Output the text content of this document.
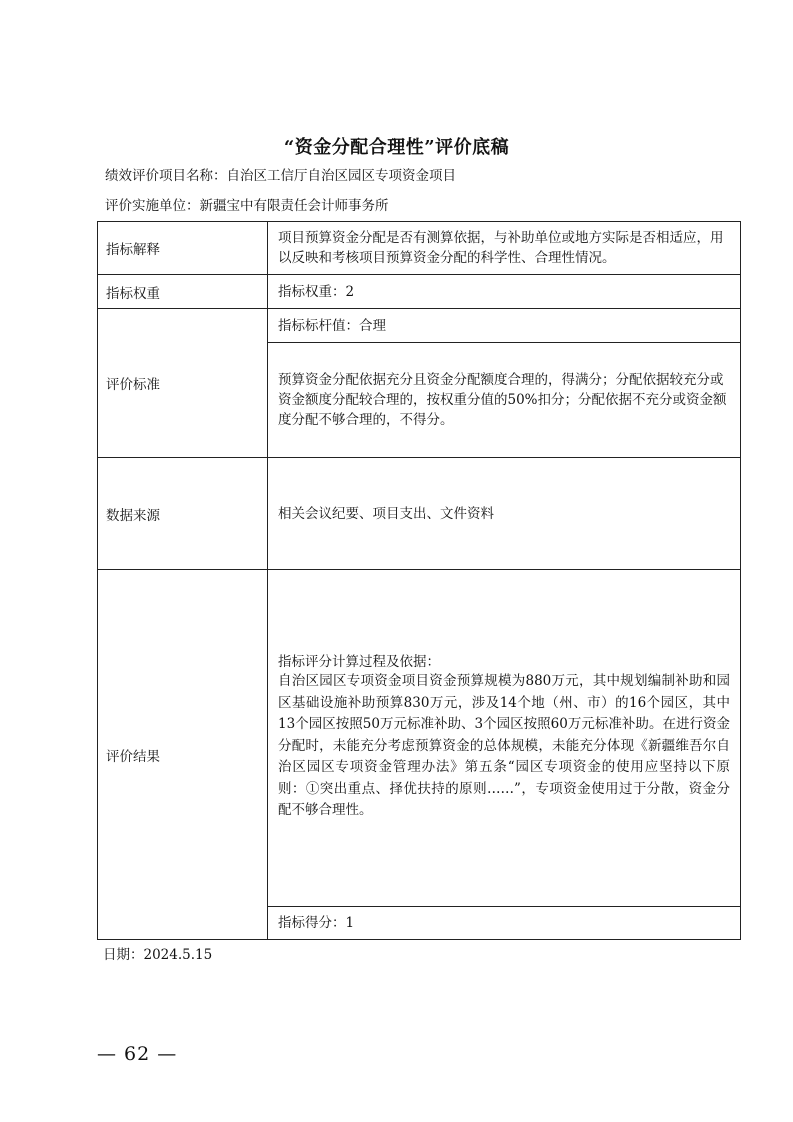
“资金分配合理性”评价底稿
绩效评价项目名称：自治区工信厅自治区园区专项资金项目
评价实施单位：新疆宝中有限责任会计师事务所
指标解释	项目预算资金分配是否有测算依据，与补助单位或地方实际是否相适应，用以反映和考核项目预算资金分配的科学性、合理性情况。
指标权重	指标权重：2
评价标准	指标标杆值：合理
	预算资金分配依据充分且资金分配额度合理的，得满分；分配依据较充分或资金额度分配较合理的，按权重分值的50%扣分；分配依据不充分或资金额度分配不够合理的，不得分。
数据来源	相关会议纪要、项目支出、文件资料
评价结果	指标评分计算过程及依据：
自治区园区专项资金项目资金预算规模为880万元，其中规划编制补助和园区基础设施补助预算830万元，涉及14个地（州、市）的16个园区，其中13个园区按照50万元标准补助、3个园区按照60万元标准补助。在进行资金分配时，未能充分考虑预算资金的总体规模，未能充分体现《新疆维吾尔自治区园区专项资金管理办法》第五条“园区专项资金的使用应坚持以下原则：①突出重点、择优扶持的原则……”，专项资金使用过于分散，资金分配不够合理性。

	指标得分：1
日期：2024.5.15
— 62 —
